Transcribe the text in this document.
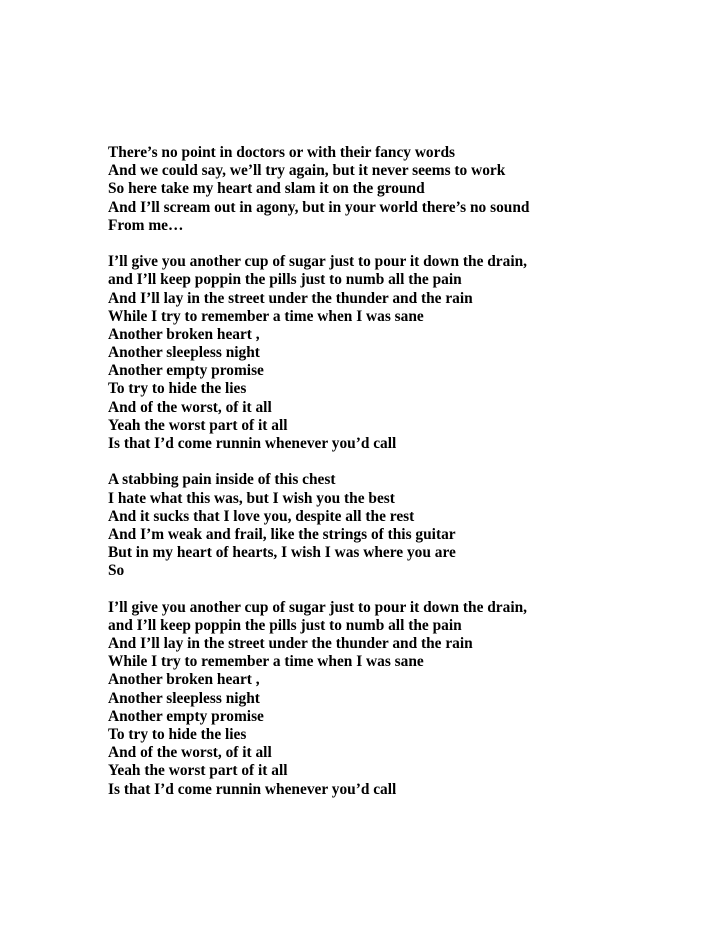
There’s no point in doctors or with their fancy words
And we could say, we’ll try again, but it never seems to work
So here take my heart and slam it on the ground
And I’ll scream out in agony, but in your world there’s no sound
From me…
I’ll give you another cup of sugar just to pour it down the drain,
and I’ll keep poppin the pills just to numb all the pain
And I’ll lay in the street under the thunder and the rain
While I try to remember a time when I was sane
Another broken heart ,
Another sleepless night
Another empty promise
To try to hide the lies
And of the worst, of it all
Yeah the worst part of it all
Is that I’d come runnin whenever you’d call
A stabbing pain inside of this chest
I hate what this was, but I wish you the best
And it sucks that I love you, despite all the rest
And I’m weak and frail, like the strings of this guitar
But in my heart of hearts, I wish I was where you are
So
I’ll give you another cup of sugar just to pour it down the drain,
and I’ll keep poppin the pills just to numb all the pain
And I’ll lay in the street under the thunder and the rain
While I try to remember a time when I was sane
Another broken heart ,
Another sleepless night
Another empty promise
To try to hide the lies
And of the worst, of it all
Yeah the worst part of it all
Is that I’d come runnin whenever you’d call
